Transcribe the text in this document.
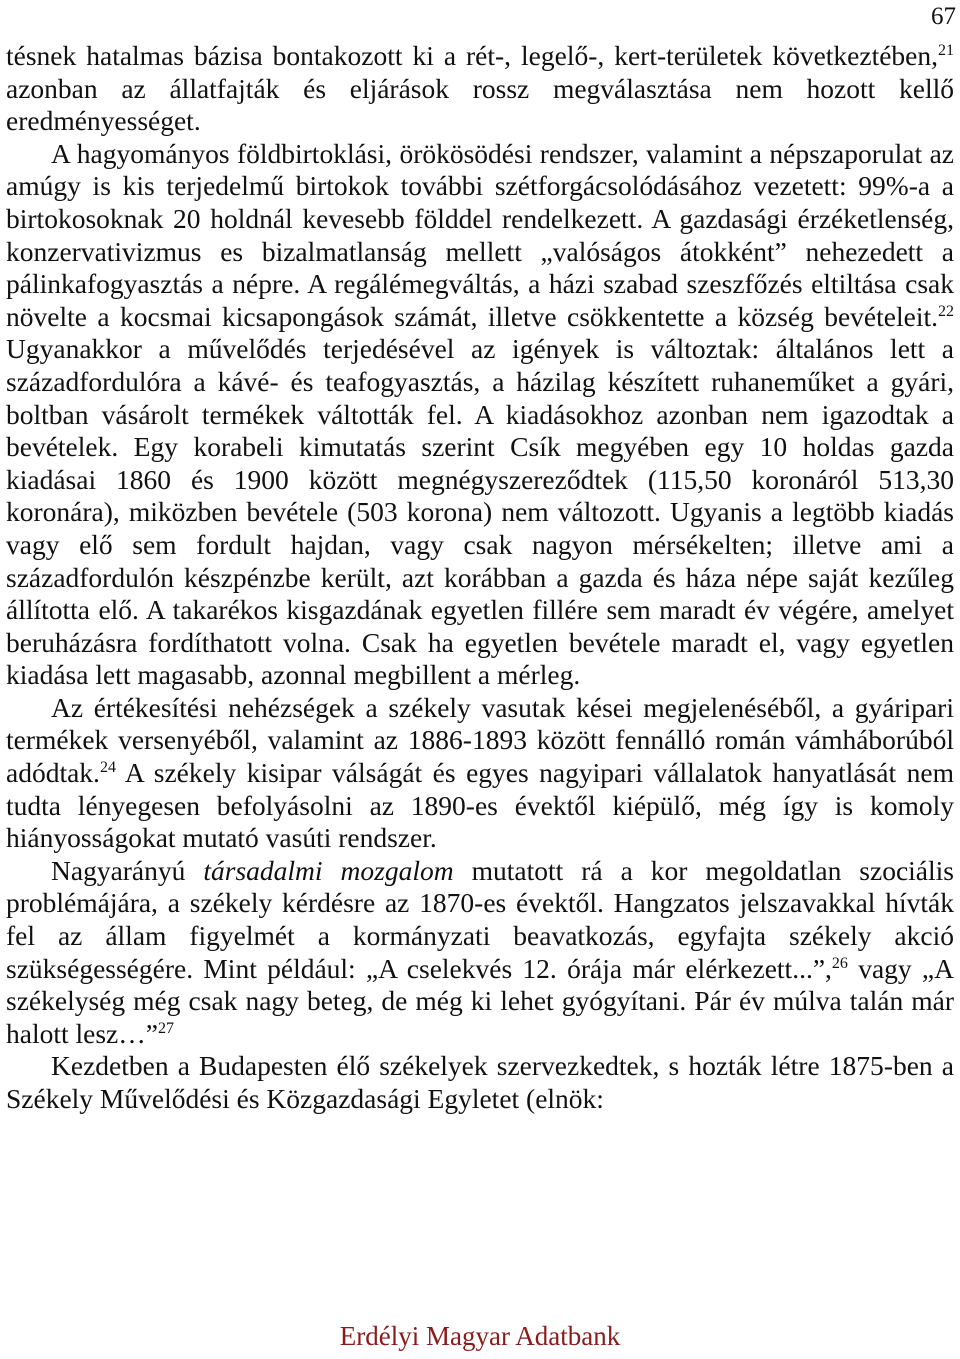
67

tésnek hatalmas bázisa bontakozott ki a rét-, legelő-, kert-területek következtében,$^{21}$ azonban az állatfajták és eljárások rossz megválasztása nem hozott kellő eredményességet.

A hagyományos földbirtoklási, örökösödési rendszer, valamint a népszaporulat az amúgy is kis terjedelmű birtokok további szétforgácsolódásához vezetett: 99%-a a birtokosoknak 20 holdnál kevesebb földdel rendelkezett. A gazdasági érzéketlenség, konzervativizmus es bizalmatlanság mellett „valóságos átokként” nehezedett a pálinkafogyasztás a népre. A regálémegváltás, a házi szabad szeszfőzés eltiltása csak növelte a kocsmai kicsapongások számát, illetve csökkentette a község bevételeit.$^{22}$ Ugyanakkor a művelődés terjedésével az igények is változtak: általános lett a századfordulóra a kávé- és teafogyasztás, a házilag készített ruhaneműket a gyári, boltban vásárolt termékek váltották fel. A kiadásokhoz azonban nem igazodtak a bevételek. Egy korabeli kimutatás szerint Csík megyében egy 10 holdas gazda kiadásai 1860 és 1900 között megnégyszereződtek (115,50 koronáról 513,30 koronára), miközben bevétele (503 korona) nem változott. Ugyanis a legtöbb kiadás vagy elő sem fordult hajdan, vagy csak nagyon mérsékelten; illetve ami a századfordulón készpénzbe került, azt korábban a gazda és háza népe saját kezűleg állította elő. A takarékos kisgazdának egyetlen fillére sem maradt év végére, amelyet beruházásra fordíthatott volna. Csak ha egyetlen bevétele maradt el, vagy egyetlen kiadása lett magasabb, azonnal megbillent a mérleg.

Az értékesítési nehézségek a székely vasutak kései megjelenéséből, a gyáripari termékek versenyéből, valamint az 1886-1893 között fennálló román vámháborúból adódtak.$^{24}$ A székely kisipar válságát és egyes nagyipari vállalatok hanyatlását nem tudta lényegesen befolyásolni az 1890-es évektől kiépülő, még így is komoly hiányosságokat mutató vasúti rendszer.

Nagyarányú társadalmi mozgalom mutatott rá a kor megoldatlan szociális problémájára, a székely kérdésre az 1870-es évektől. Hangzatos jelszavakkal hívták fel az állam figyelmét a kormányzati beavatkozás, egyfajta székely akció szükségességére. Mint például: „A cselekvés 12. órája már elérkezett...”,$^{26}$ vagy „A székelység még csak nagy beteg, de még ki lehet gyógyítani. Pár év múlva talán már halott lesz…”$^{27}$

Kezdetben a Budapesten élő székelyek szervezkedtek, s hozták létre 1875-ben a Székely Művelődési és Közgazdasági Egyletet (elnök:

Erdélyi Magyar Adatbank
